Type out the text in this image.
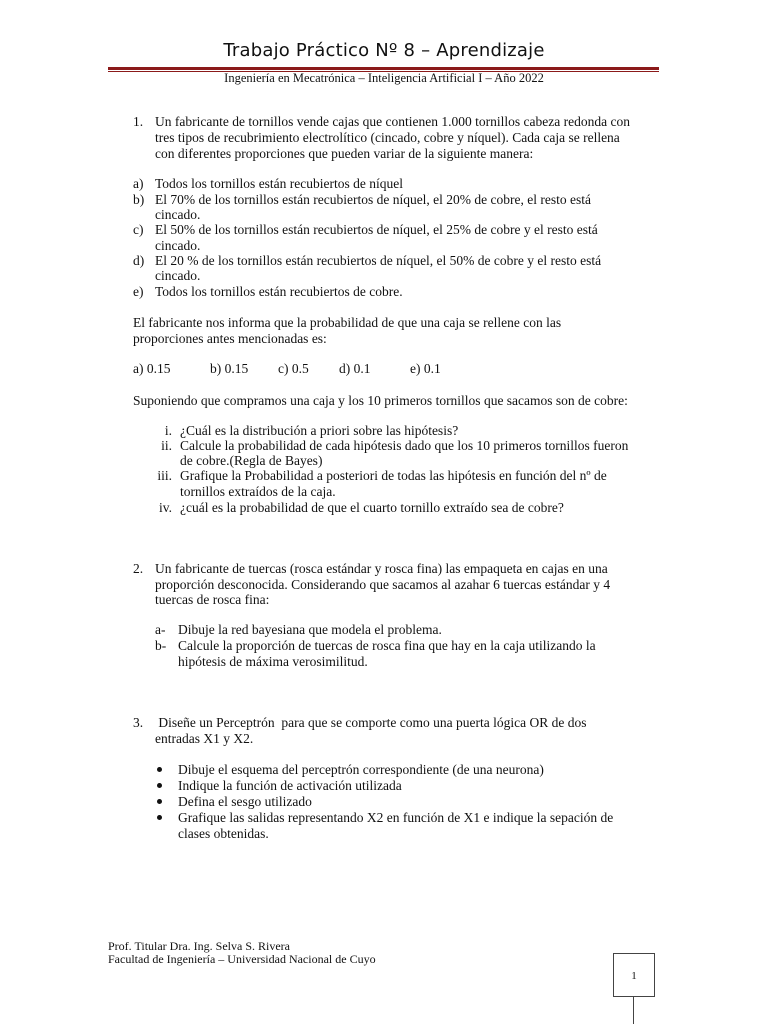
Trabajo Práctico Nº 8 – Aprendizaje
Ingeniería en Mecatrónica – Inteligencia Artificial I – Año 2022
1. Un fabricante de tornillos vende cajas que contienen 1.000 tornillos cabeza redonda con
tres tipos de recubrimiento electrolítico (cincado, cobre y níquel). Cada caja se rellena
con diferentes proporciones que pueden variar de la siguiente manera:
a) Todos los tornillos están recubiertos de níquel
b) El 70% de los tornillos están recubiertos de níquel, el 20% de cobre, el resto está
cincado.
c) El 50% de los tornillos están recubiertos de níquel, el 25% de cobre y el resto está
cincado.
d) El 20 % de los tornillos están recubiertos de níquel, el 50% de cobre y el resto está
cincado.
e) Todos los tornillos están recubiertos de cobre.
El fabricante nos informa que la probabilidad de que una caja se rellene con las
proporciones antes mencionadas es:
a) 0.15	b) 0.15 c) 0.5 d) 0.1	e) 0.1
Suponiendo que compramos una caja y los 10 primeros tornillos que sacamos son de cobre:
i. ¿Cuál es la distribución a priori sobre las hipótesis?
ii. Calcule la probabilidad de cada hipótesis dado que los 10 primeros tornillos fueron
de cobre.(Regla de Bayes)
iii. Grafique la Probabilidad a posteriori de todas las hipótesis en función del nº de
tornillos extraídos de la caja.
iv. ¿cuál es la probabilidad de que el cuarto tornillo extraído sea de cobre?
2. Un fabricante de tuercas (rosca estándar y rosca fina) las empaqueta en cajas en una
proporción desconocida. Considerando que sacamos al azahar 6 tuercas estándar y 4
tuercas de rosca fina:
a- Dibuje la red bayesiana que modela el problema.
b- Calcule la proporción de tuercas de rosca fina que hay en la caja utilizando la
hipótesis de máxima verosimilitud.
3. Diseñe un Perceptrón  para que se comporte como una puerta lógica OR de dos
entradas X1 y X2.
Dibuje el esquema del perceptrón correspondiente (de una neurona)
Indique la función de activación utilizada
Defina el sesgo utilizado
Grafique las salidas representando X2 en función de X1 e indique la sepación de
clases obtenidas.
Prof. Titular Dra. Ing. Selva S. Rivera
Facultad de Ingeniería – Universidad Nacional de Cuyo
1
